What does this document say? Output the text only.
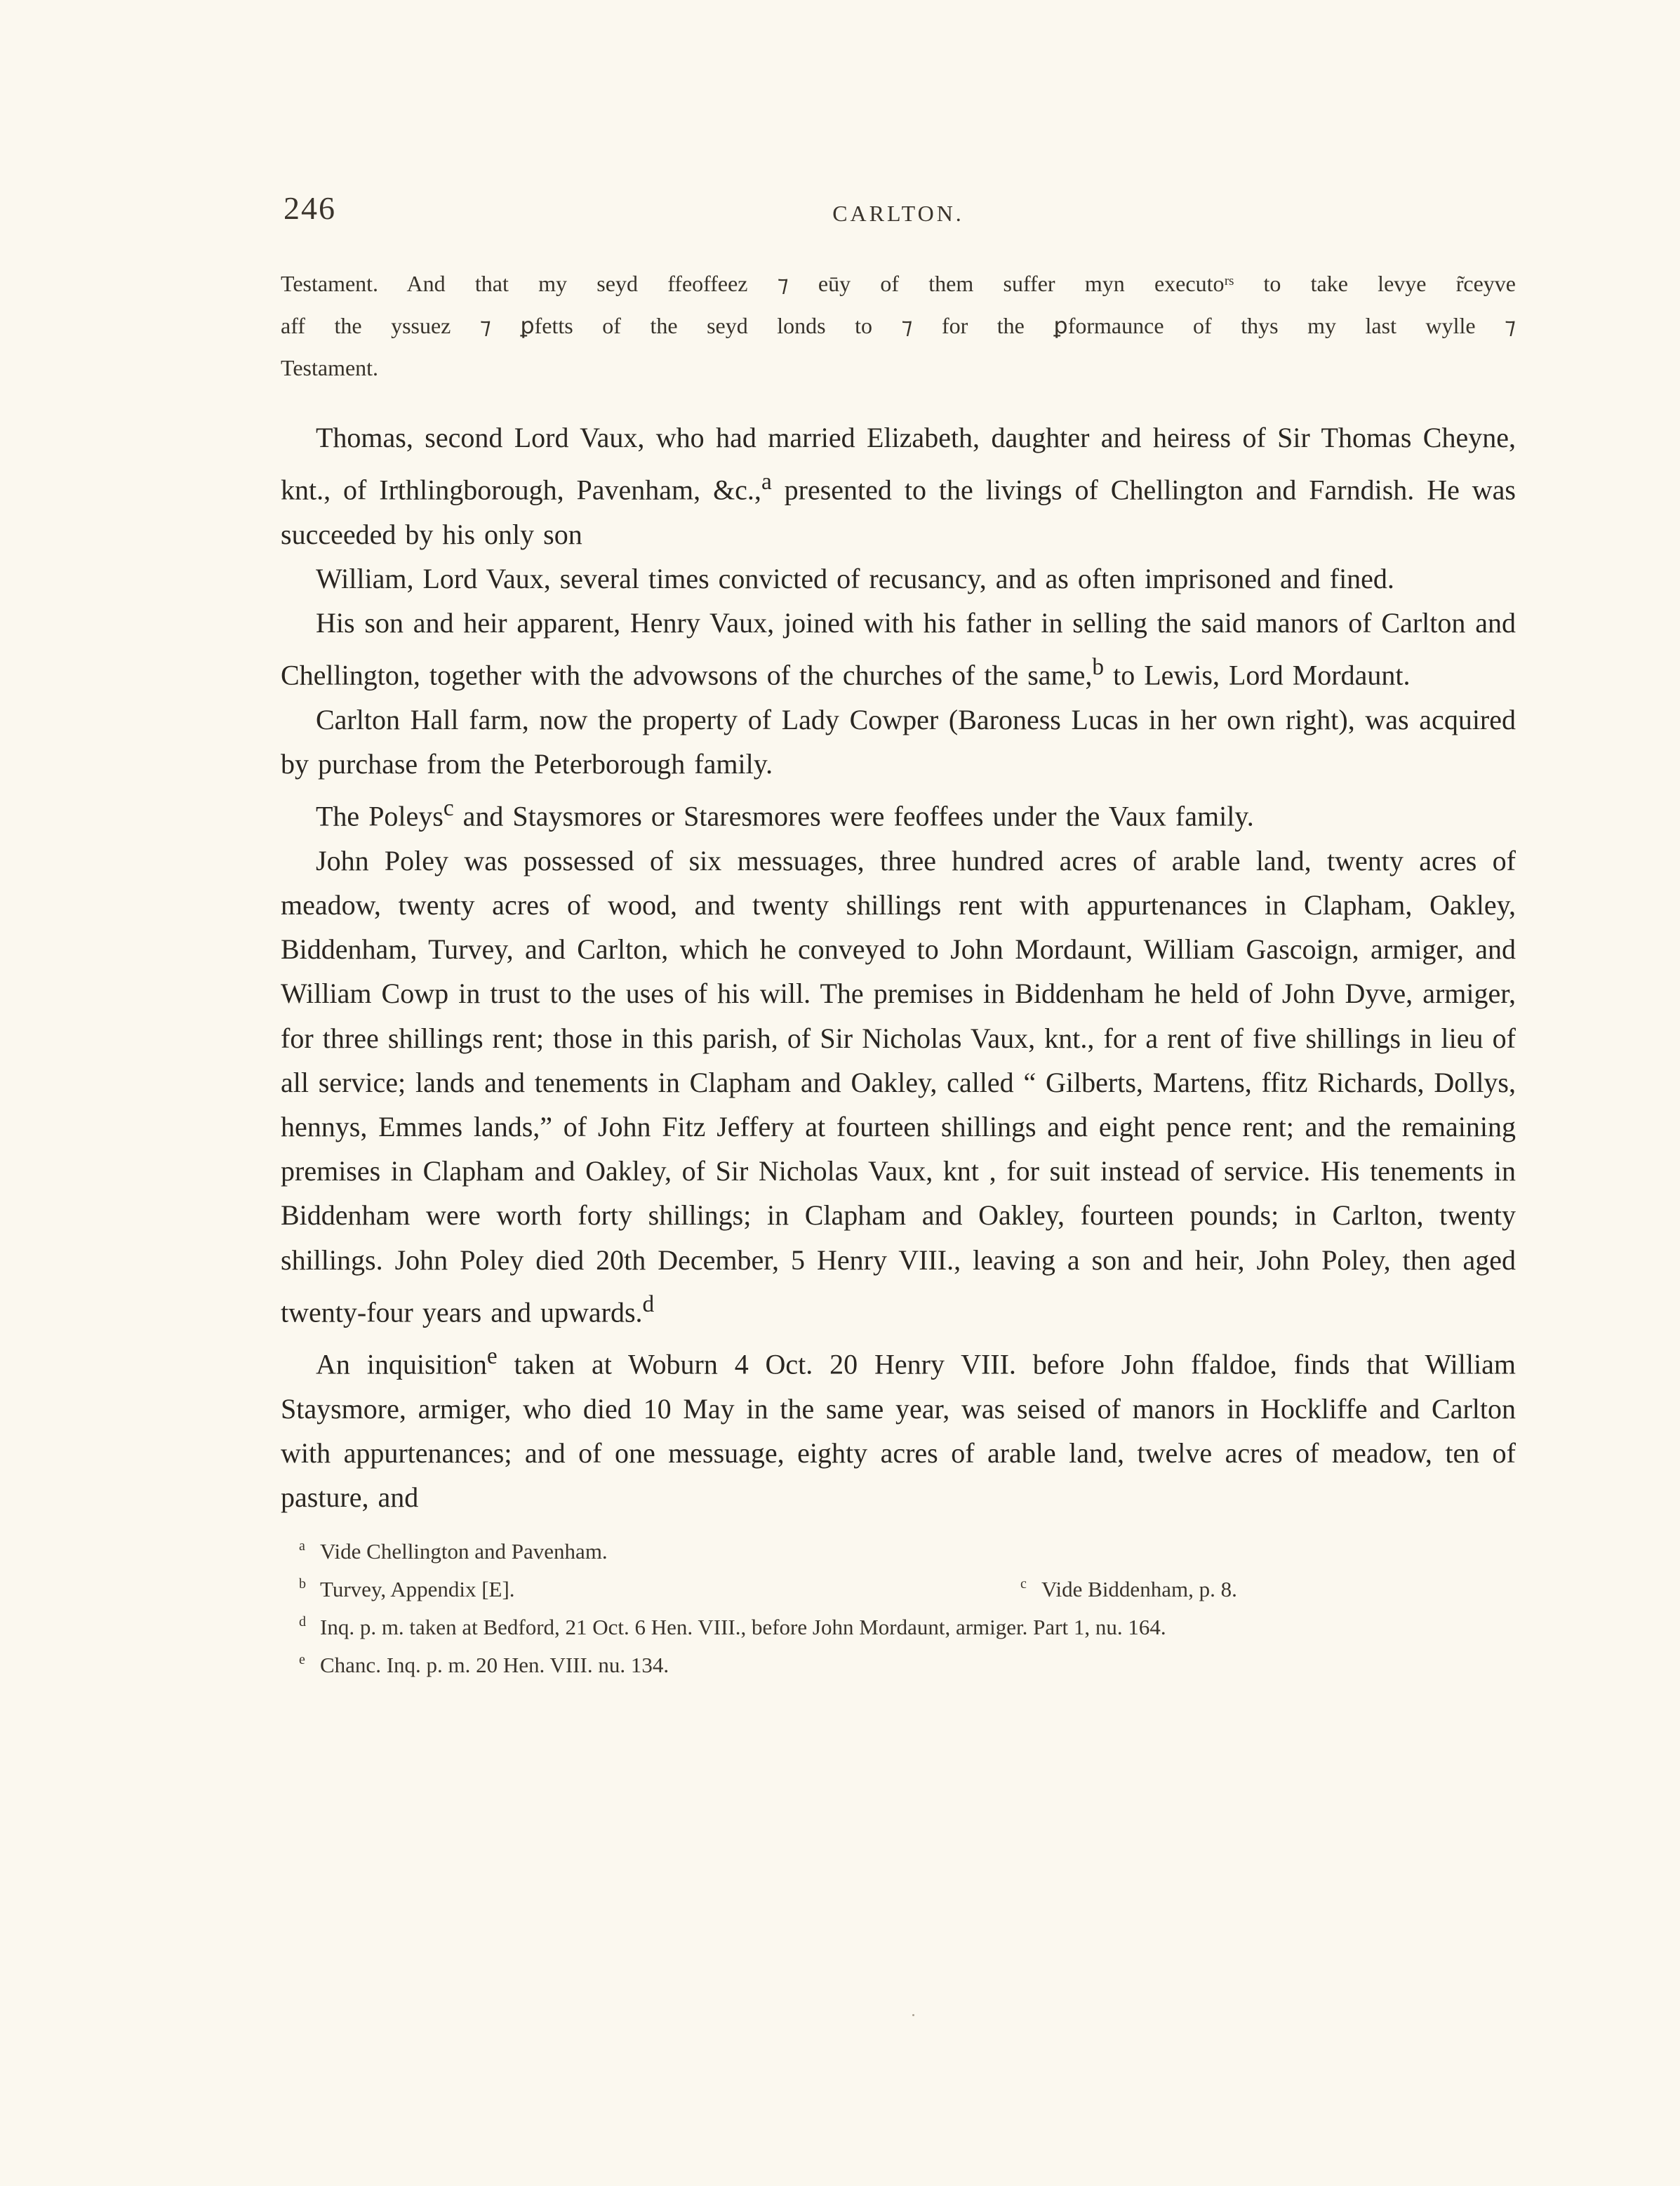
246	CARLTON.
Testament. And that my seyd ffeoffeez ⁊ eūy of them suffer myn executoʳˢ to take levye r̃ceyve
aff the yssuez ⁊ ꝑfetts of the seyd londs to ⁊ for the ꝑformaunce of thys my last wylle ⁊
Testament.

Thomas, second Lord Vaux, who had married Elizabeth, daughter and heiress of Sir Thomas Cheyne, knt., of Irthlingborough, Pavenham, &c.,$^a$ presented to the livings of Chellington and Farndish. He was succeeded by his only son

William, Lord Vaux, several times convicted of recusancy, and as often imprisoned and fined.

His son and heir apparent, Henry Vaux, joined with his father in selling the said manors of Carlton and Chellington, together with the advowsons of the churches of the same,$^b$ to Lewis, Lord Mordaunt.

Carlton Hall farm, now the property of Lady Cowper (Baroness Lucas in her own right), was acquired by purchase from the Peterborough family.

The Poleys$^c$ and Staysmores or Staresmores were feoffees under the Vaux family.

John Poley was possessed of six messuages, three hundred acres of arable land, twenty acres of meadow, twenty acres of wood, and twenty shillings rent with appurtenances in Clapham, Oakley, Biddenham, Turvey, and Carlton, which he conveyed to John Mordaunt, William Gascoign, armiger, and William Cowp in trust to the uses of his will. The premises in Biddenham he held of John Dyve, armiger, for three shillings rent; those in this parish, of Sir Nicholas Vaux, knt., for a rent of five shillings in lieu of all service; lands and tenements in Clapham and Oakley, called “ Gilberts, Martens, ffitz Richards, Dollys, hennys, Emmes lands,” of John Fitz Jeffery at fourteen shillings and eight pence rent; and the remaining premises in Clapham and Oakley, of Sir Nicholas Vaux, knt , for suit instead of service. His tenements in Biddenham were worth forty shillings; in Clapham and Oakley, fourteen pounds; in Carlton, twenty shillings. John Poley died 20th December, 5 Henry VIII., leaving a son and heir, John Poley, then aged twenty-four years and upwards.$^d$

An inquisition$^e$ taken at Woburn 4 Oct. 20 Henry VIII. before John ffaldoe, finds that William Staysmore, armiger, who died 10 May in the same year, was seised of manors in Hockliffe and Carlton with appurtenances; and of one messuage, eighty acres of arable land, twelve acres of meadow, ten of pasture, and

a Vide Chellington and Pavenham.
b Turvey, Appendix [E].	c Vide Biddenham, p. 8.
d Inq. p. m. taken at Bedford, 21 Oct. 6 Hen. VIII., before John Mordaunt, armiger. Part 1, nu. 164.
e Chanc. Inq. p. m. 20 Hen. VIII. nu. 134.
